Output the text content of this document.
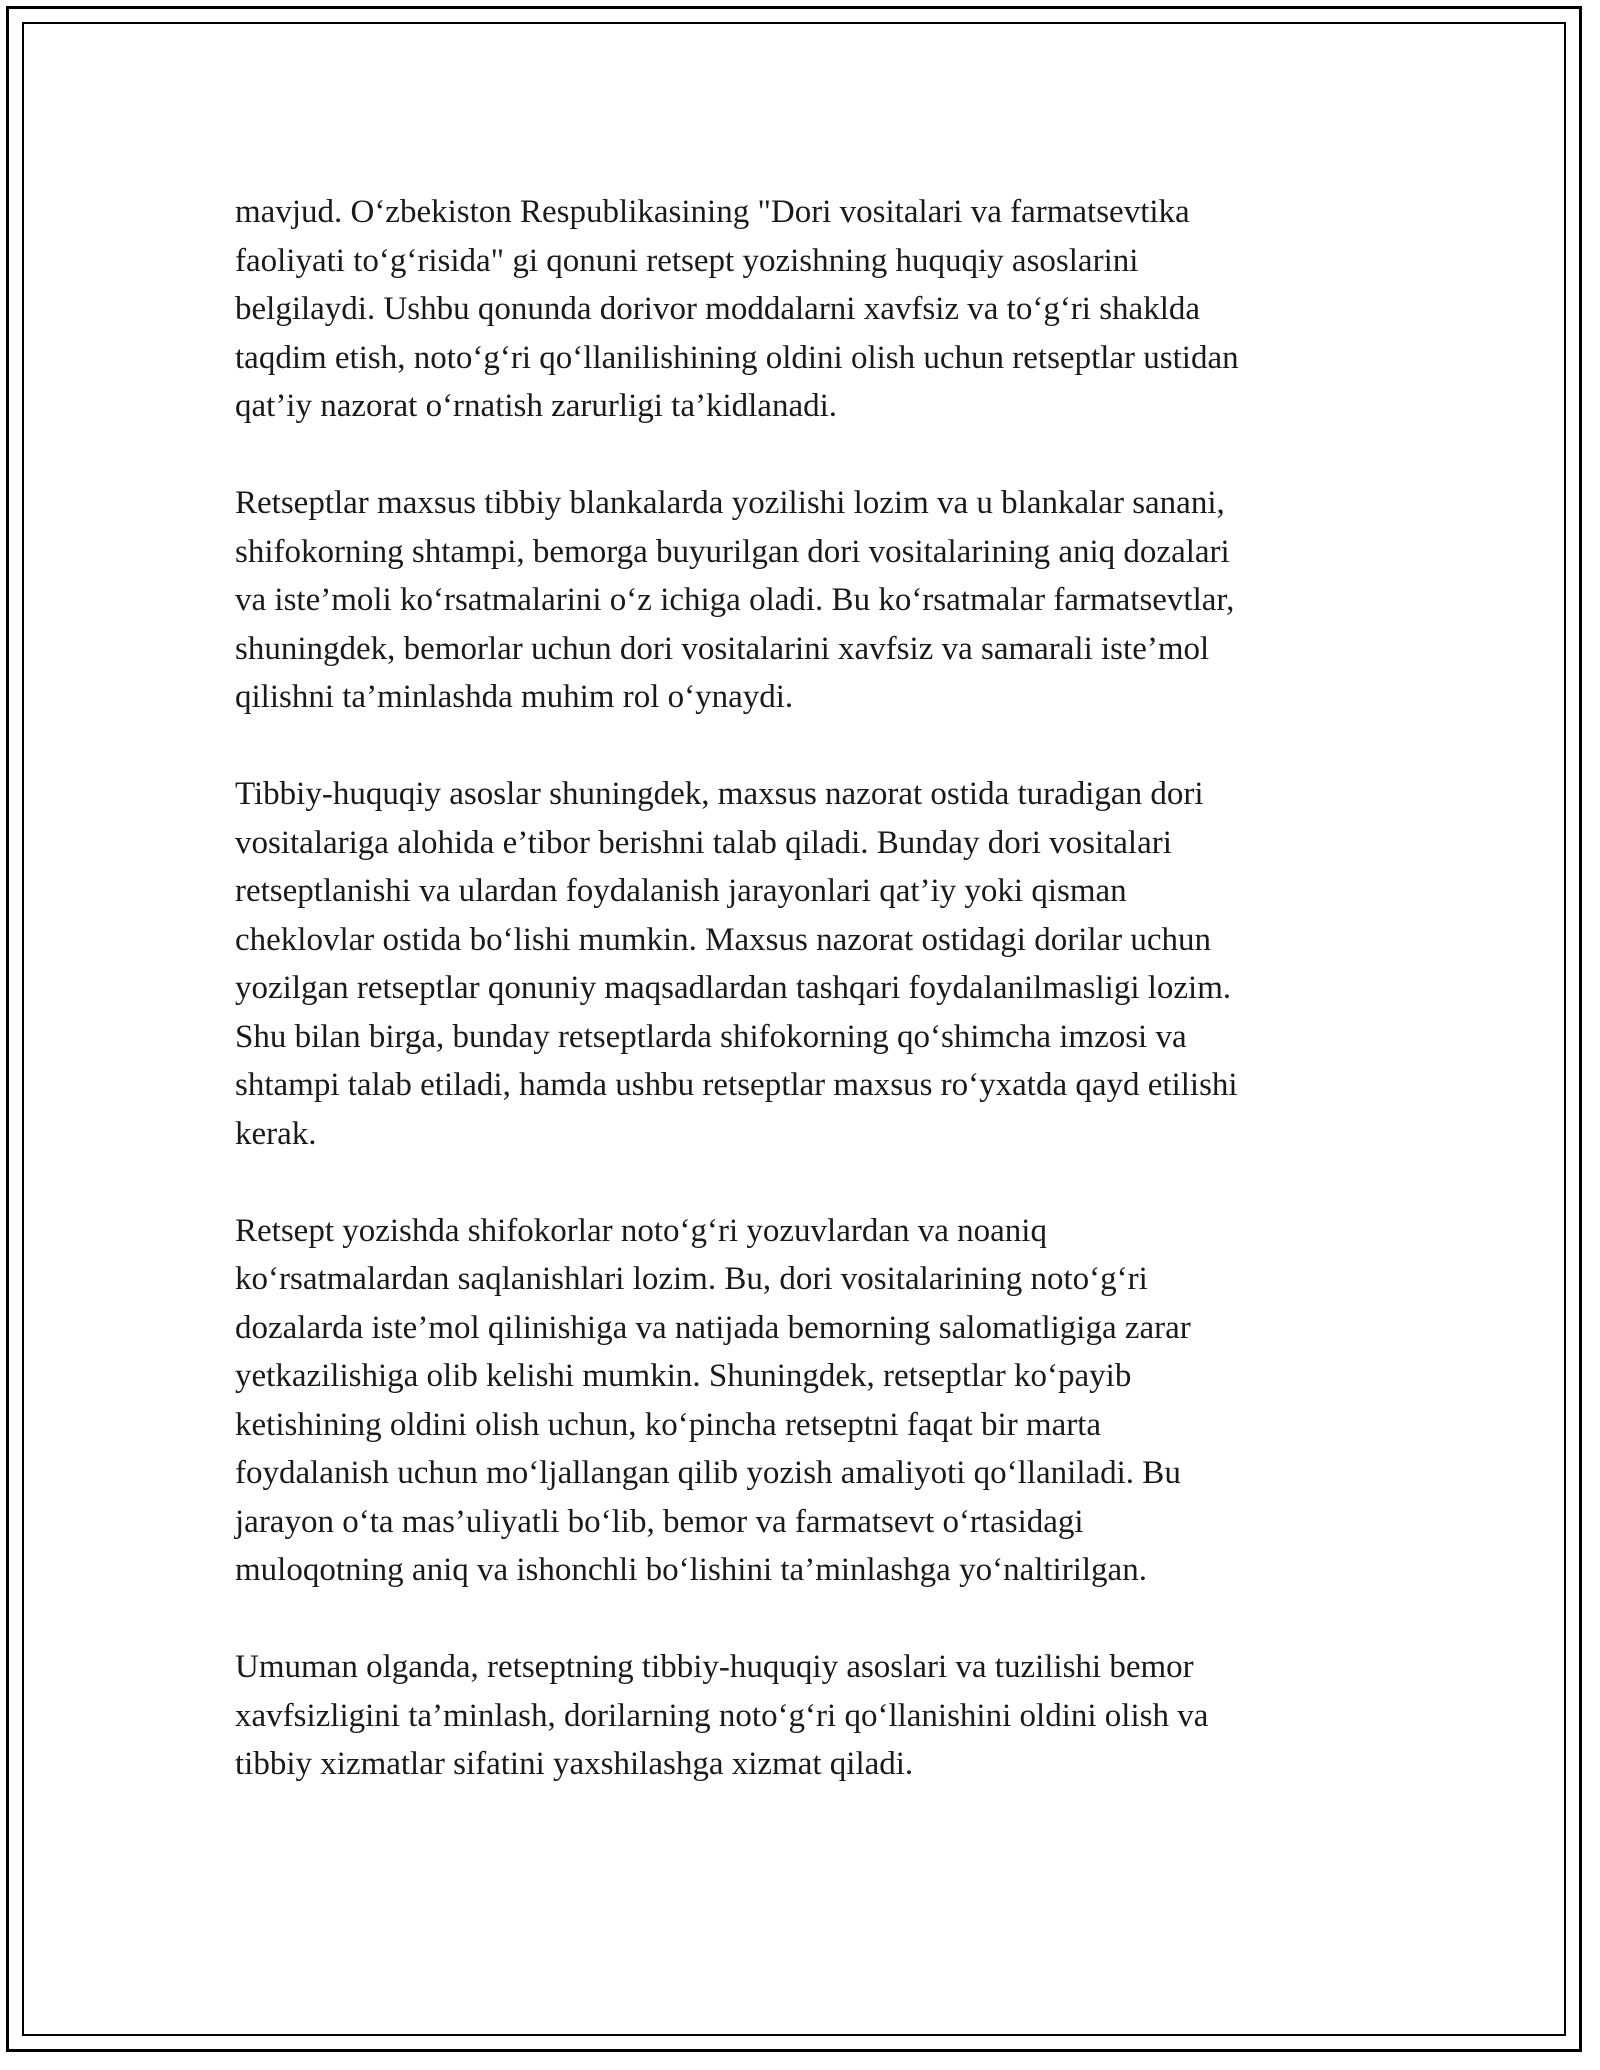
mavjud. O‘zbekiston Respublikasining "Dori vositalari va farmatsevtika
faoliyati to‘g‘risida" gi qonuni retsept yozishning huquqiy asoslarini
belgilaydi. Ushbu qonunda dorivor moddalarni xavfsiz va to‘g‘ri shaklda
taqdim etish, noto‘g‘ri qo‘llanilishining oldini olish uchun retseptlar ustidan
qat’iy nazorat o‘rnatish zarurligi ta’kidlanadi.

Retseptlar maxsus tibbiy blankalarda yozilishi lozim va u blankalar sanani,
shifokorning shtampi, bemorga buyurilgan dori vositalarining aniq dozalari
va iste’moli ko‘rsatmalarini o‘z ichiga oladi. Bu ko‘rsatmalar farmatsevtlar,
shuningdek, bemorlar uchun dori vositalarini xavfsiz va samarali iste’mol
qilishni ta’minlashda muhim rol o‘ynaydi.

Tibbiy-huquqiy asoslar shuningdek, maxsus nazorat ostida turadigan dori
vositalariga alohida e’tibor berishni talab qiladi. Bunday dori vositalari
retseptlanishi va ulardan foydalanish jarayonlari qat’iy yoki qisman
cheklovlar ostida bo‘lishi mumkin. Maxsus nazorat ostidagi dorilar uchun
yozilgan retseptlar qonuniy maqsadlardan tashqari foydalanilmasligi lozim.
Shu bilan birga, bunday retseptlarda shifokorning qo‘shimcha imzosi va
shtampi talab etiladi, hamda ushbu retseptlar maxsus ro‘yxatda qayd etilishi
kerak.

Retsept yozishda shifokorlar noto‘g‘ri yozuvlardan va noaniq
ko‘rsatmalardan saqlanishlari lozim. Bu, dori vositalarining noto‘g‘ri
dozalarda iste’mol qilinishiga va natijada bemorning salomatligiga zarar
yetkazilishiga olib kelishi mumkin. Shuningdek, retseptlar ko‘payib
ketishining oldini olish uchun, ko‘pincha retseptni faqat bir marta
foydalanish uchun mo‘ljallangan qilib yozish amaliyoti qo‘llaniladi. Bu
jarayon o‘ta mas’uliyatli bo‘lib, bemor va farmatsevt o‘rtasidagi
muloqotning aniq va ishonchli bo‘lishini ta’minlashga yo‘naltirilgan.

Umuman olganda, retseptning tibbiy-huquqiy asoslari va tuzilishi bemor
xavfsizligini ta’minlash, dorilarning noto‘g‘ri qo‘llanishini oldini olish va
tibbiy xizmatlar sifatini yaxshilashga xizmat qiladi.
